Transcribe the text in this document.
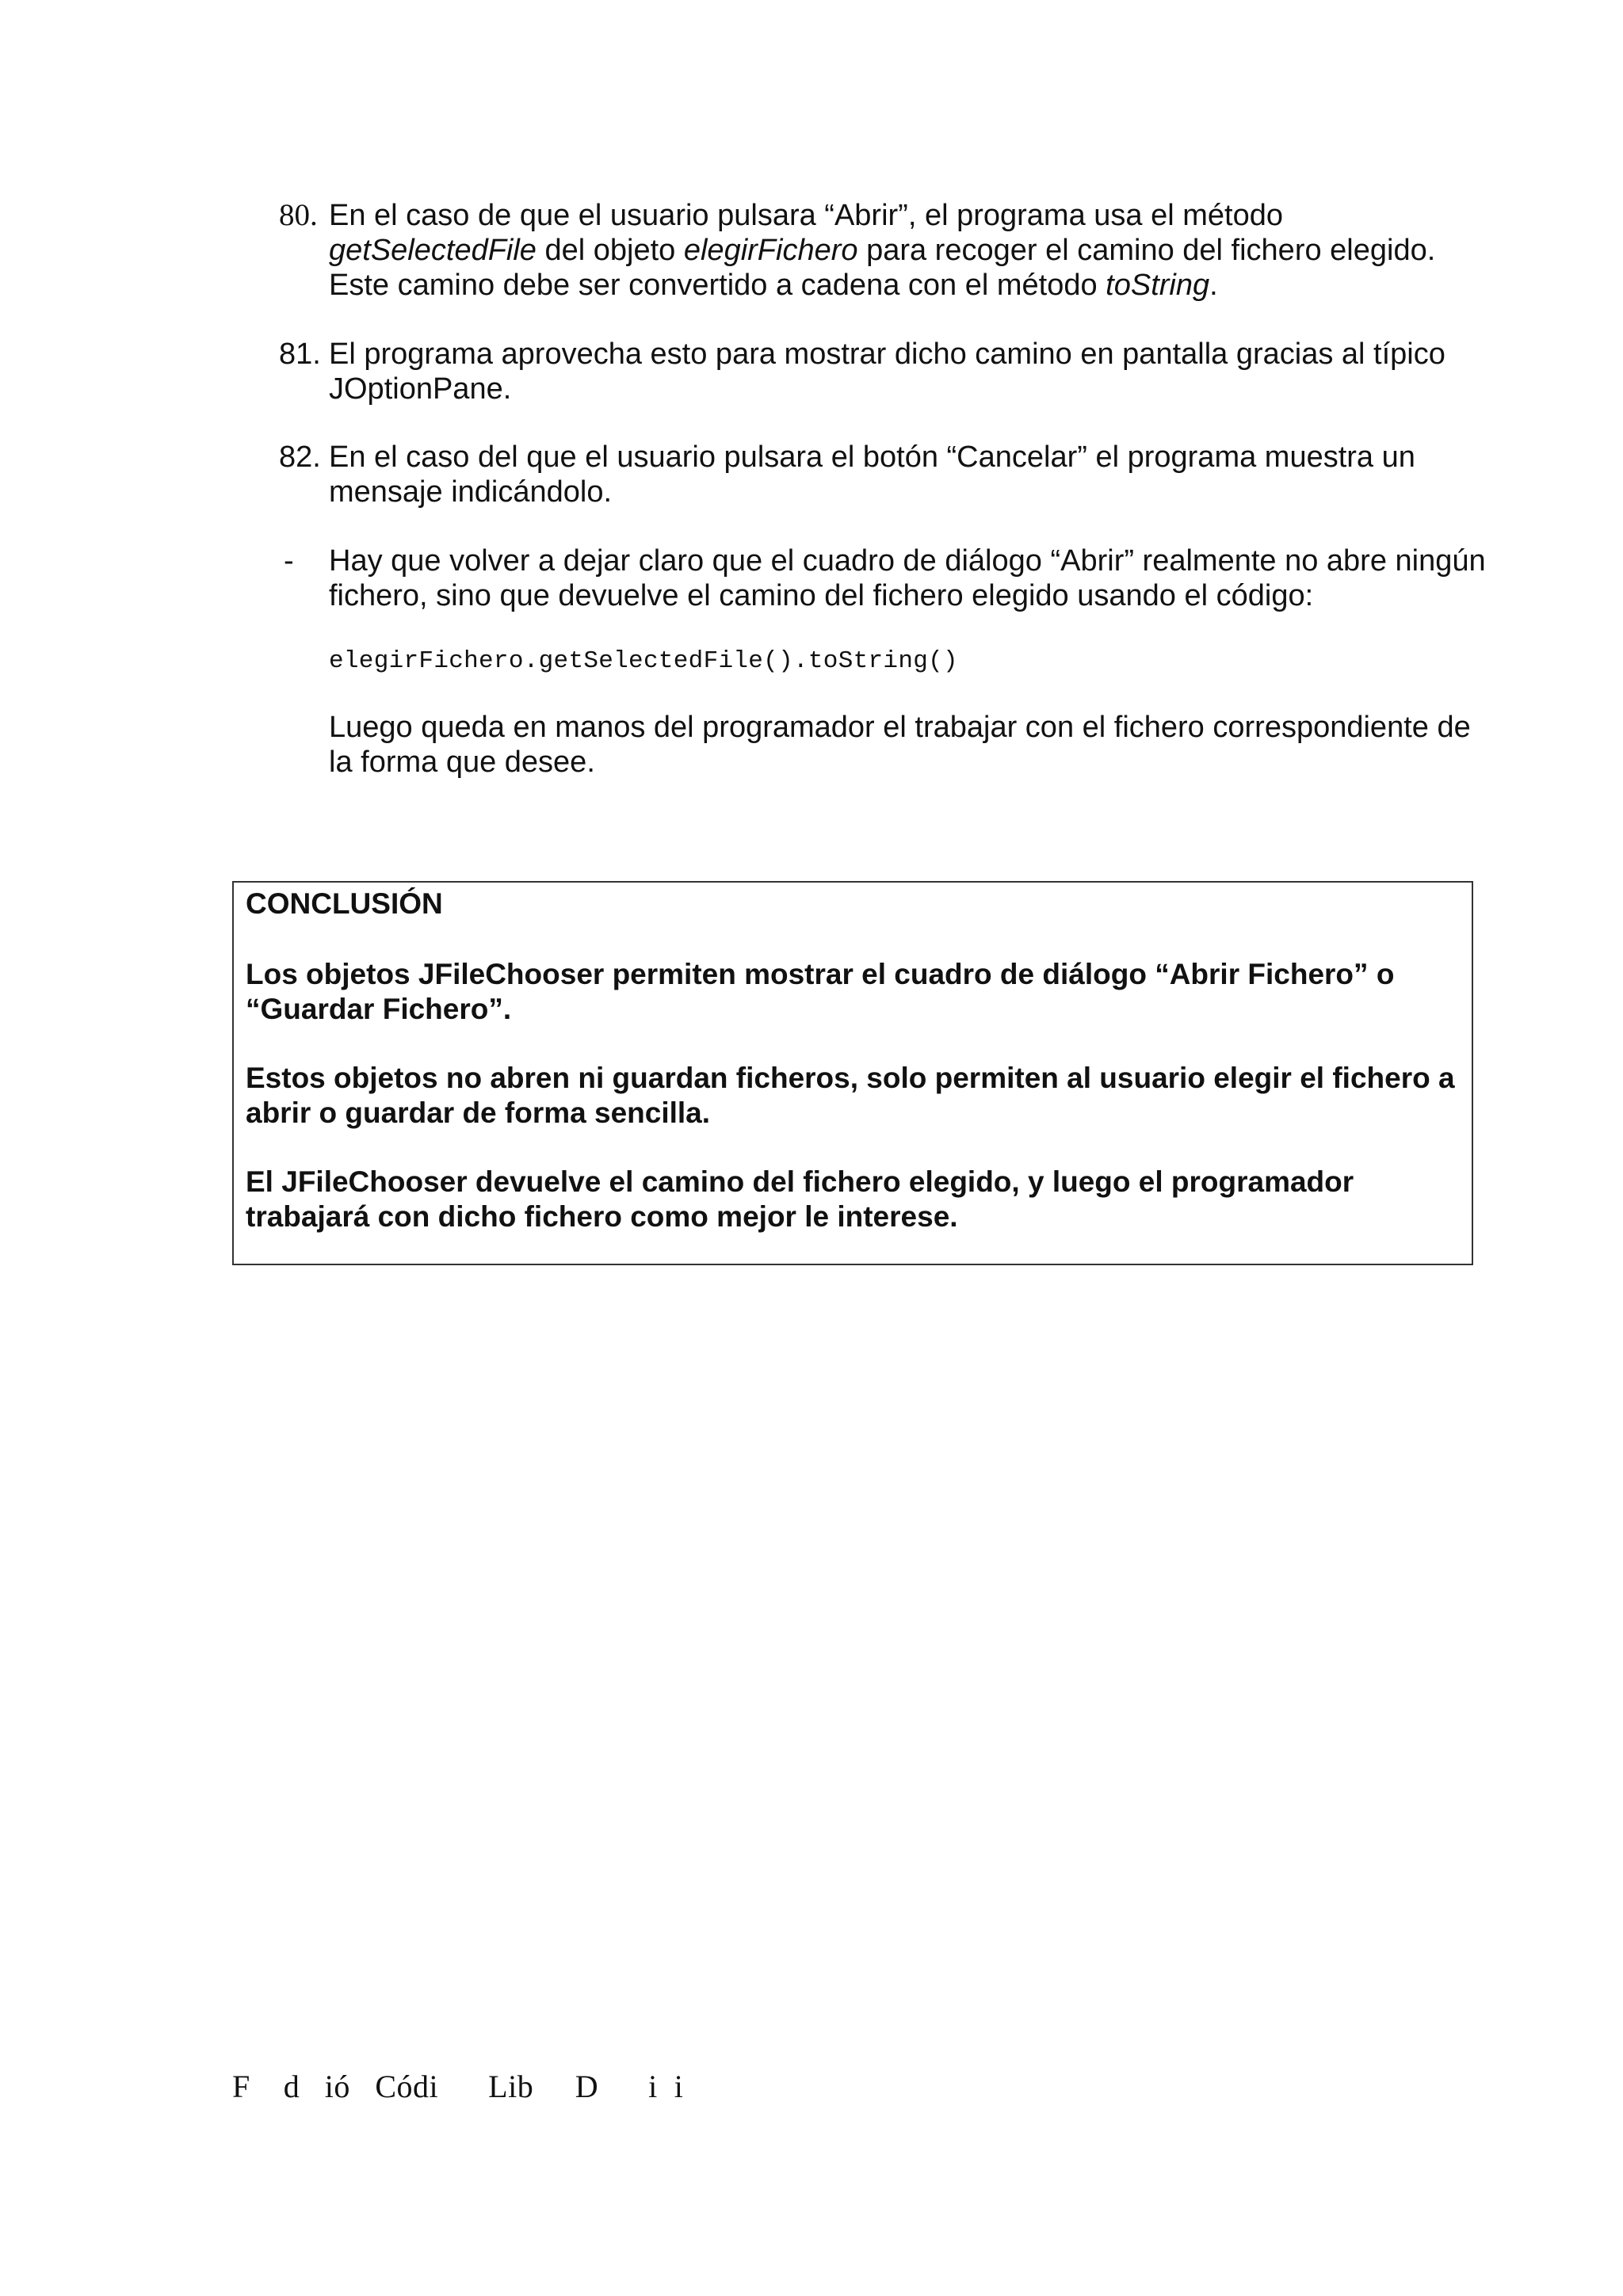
80. En el caso de que el usuario pulsara “Abrir”, el programa usa el método getSelectedFile del objeto elegirFichero para recoger el camino del fichero elegido. Este camino debe ser convertido a cadena con el método toString.
81. El programa aprovecha esto para mostrar dicho camino en pantalla gracias al típico JOptionPane.
82. En el caso del que el usuario pulsara el botón “Cancelar” el programa muestra un mensaje indicándolo.
-	Hay que volver a dejar claro que el cuadro de diálogo “Abrir” realmente no abre ningún fichero, sino que devuelve el camino del fichero elegido usando el código:
elegirFichero.getSelectedFile().toString()
Luego queda en manos del programador el trabajar con el fichero correspondiente de la forma que desee.

CONCLUSIÓN

Los objetos JFileChooser permiten mostrar el cuadro de diálogo “Abrir Fichero” o “Guardar Fichero”.

Estos objetos no abren ni guardan ficheros, solo permiten al usuario elegir el fichero a abrir o guardar de forma sencilla.

El JFileChooser devuelve el camino del fichero elegido, y luego el programador trabajará con dicho fichero como mejor le interese.

F    d   ió   Códi      Lib     D      i  i
